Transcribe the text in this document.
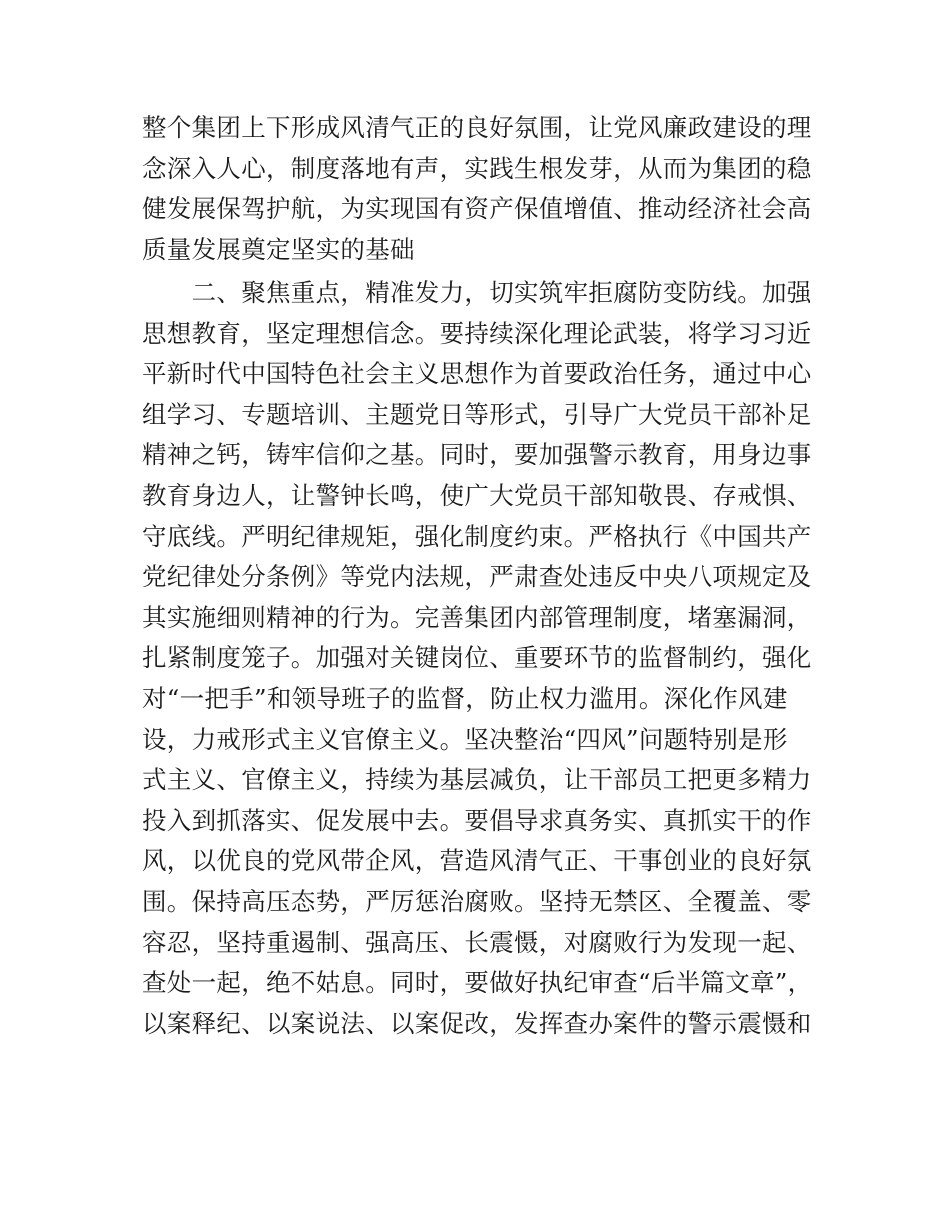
整个集团上下形成风清气正的良好氛围，让党风廉政建设的理

念深入人心，制度落地有声，实践生根发芽，从而为集团的稳

健发展保驾护航，为实现国有资产保值增值、推动经济社会高

质量发展奠定坚实的基础

　　二、聚焦重点，精准发力，切实筑牢拒腐防变防线。加强

思想教育，坚定理想信念。要持续深化理论武装，将学习习近

平新时代中国特色社会主义思想作为首要政治任务，通过中心

组学习、专题培训、主题党日等形式，引导广大党员干部补足

精神之钙，铸牢信仰之基。同时，要加强警示教育，用身边事

教育身边人，让警钟长鸣，使广大党员干部知敬畏、存戒惧、

守底线。严明纪律规矩，强化制度约束。严格执行《中国共产

党纪律处分条例》等党内法规，严肃查处违反中央八项规定及

其实施细则精神的行为。完善集团内部管理制度，堵塞漏洞，

扎紧制度笼子。加强对关键岗位、重要环节的监督制约，强化

对“一把手”和领导班子的监督，防止权力滥用。深化作风建

设，力戒形式主义官僚主义。坚决整治“四风”问题特别是形

式主义、官僚主义，持续为基层减负，让干部员工把更多精力

投入到抓落实、促发展中去。要倡导求真务实、真抓实干的作

风，以优良的党风带企风，营造风清气正、干事创业的良好氛

围。保持高压态势，严厉惩治腐败。坚持无禁区、全覆盖、零

容忍，坚持重遏制、强高压、长震慑，对腐败行为发现一起、

查处一起，绝不姑息。同时，要做好执纪审查“后半篇文章”，

以案释纪、以案说法、以案促改，发挥查办案件的警示震慑和
